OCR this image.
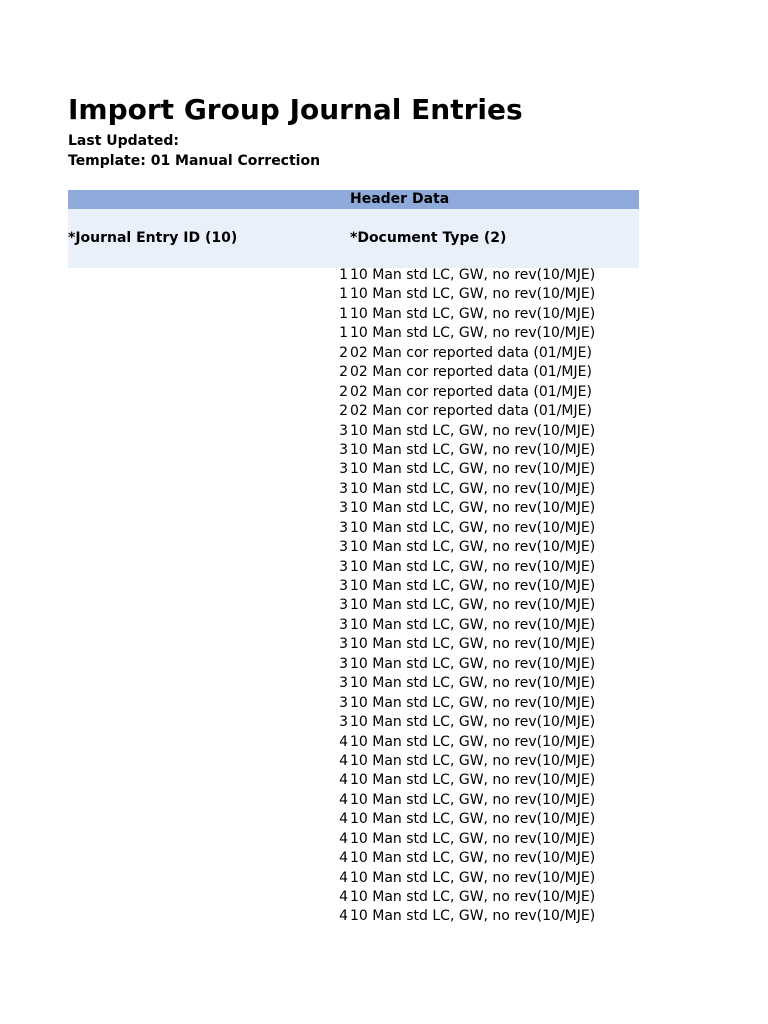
Import Group Journal Entries
Last Updated:
Template: 01 Manual Correction
Header Data
*Journal Entry ID (10)	*Document Type (2)
1 10 Man std LC, GW, no rev(10/MJE)
1 10 Man std LC, GW, no rev(10/MJE)
1 10 Man std LC, GW, no rev(10/MJE)
1 10 Man std LC, GW, no rev(10/MJE)
2 02 Man cor reported data (01/MJE)
2 02 Man cor reported data (01/MJE)
2 02 Man cor reported data (01/MJE)
2 02 Man cor reported data (01/MJE)
3 10 Man std LC, GW, no rev(10/MJE)
3 10 Man std LC, GW, no rev(10/MJE)
3 10 Man std LC, GW, no rev(10/MJE)
3 10 Man std LC, GW, no rev(10/MJE)
3 10 Man std LC, GW, no rev(10/MJE)
3 10 Man std LC, GW, no rev(10/MJE)
3 10 Man std LC, GW, no rev(10/MJE)
3 10 Man std LC, GW, no rev(10/MJE)
3 10 Man std LC, GW, no rev(10/MJE)
3 10 Man std LC, GW, no rev(10/MJE)
3 10 Man std LC, GW, no rev(10/MJE)
3 10 Man std LC, GW, no rev(10/MJE)
3 10 Man std LC, GW, no rev(10/MJE)
3 10 Man std LC, GW, no rev(10/MJE)
3 10 Man std LC, GW, no rev(10/MJE)
3 10 Man std LC, GW, no rev(10/MJE)
4 10 Man std LC, GW, no rev(10/MJE)
4 10 Man std LC, GW, no rev(10/MJE)
4 10 Man std LC, GW, no rev(10/MJE)
4 10 Man std LC, GW, no rev(10/MJE)
4 10 Man std LC, GW, no rev(10/MJE)
4 10 Man std LC, GW, no rev(10/MJE)
4 10 Man std LC, GW, no rev(10/MJE)
4 10 Man std LC, GW, no rev(10/MJE)
4 10 Man std LC, GW, no rev(10/MJE)
4 10 Man std LC, GW, no rev(10/MJE)
